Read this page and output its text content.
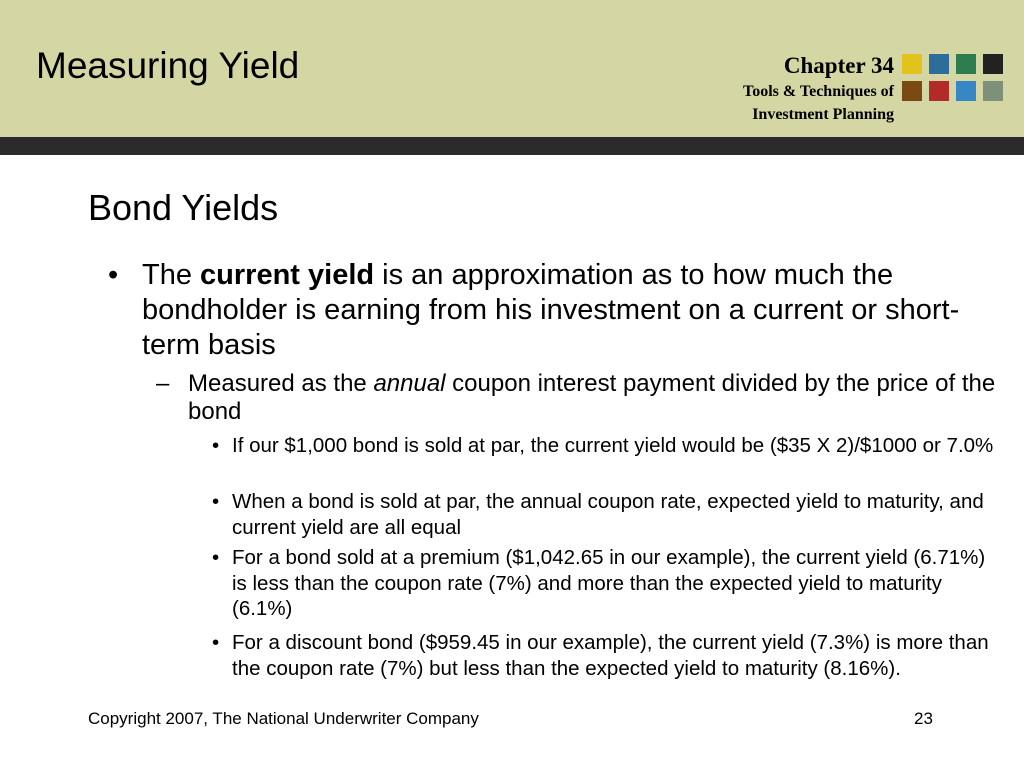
Measuring Yield	Chapter 34
Tools & Techniques of
Investment Planning
Bond Yields
• The current yield is an approximation as to how much the bondholder is earning from his investment on a current or short-term basis
– Measured as the annual coupon interest payment divided by the price of the bond
• If our $1,000 bond is sold at par, the current yield would be ($35 X 2)/$1000 or 7.0%
• When a bond is sold at par, the annual coupon rate, expected yield to maturity, and current yield are all equal
• For a bond sold at a premium ($1,042.65 in our example), the current yield (6.71%) is less than the coupon rate (7%) and more than the expected yield to maturity (6.1%)
• For a discount bond ($959.45 in our example), the current yield (7.3%) is more than the coupon rate (7%) but less than the expected yield to maturity (8.16%).
Copyright 2007, The National Underwriter Company	23
